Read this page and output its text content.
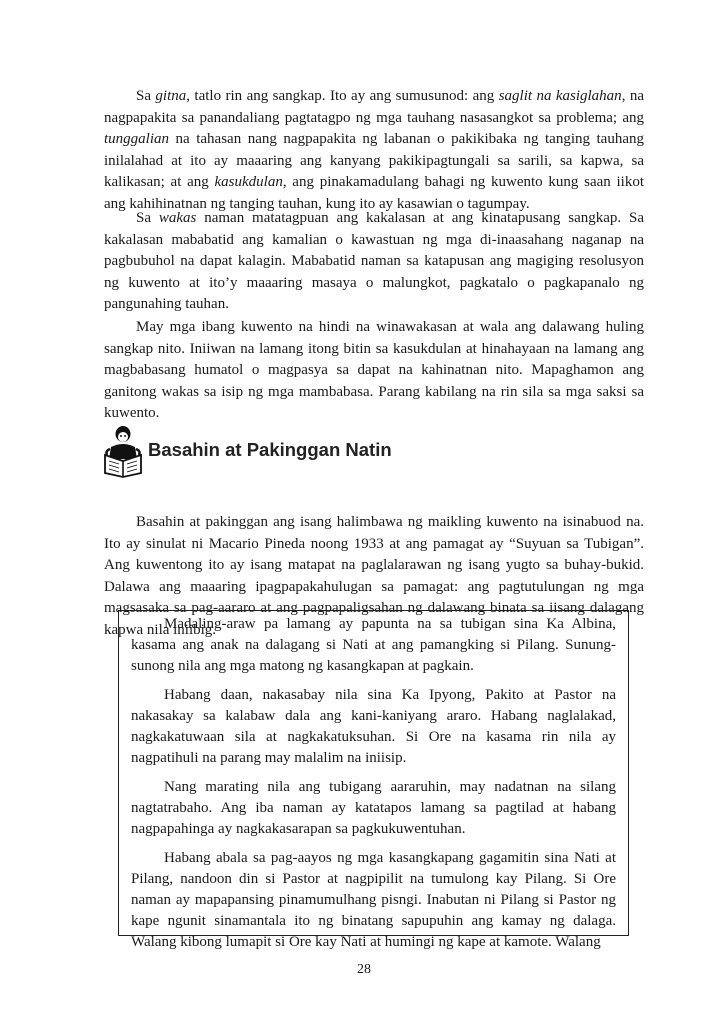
Sa gitna, tatlo rin ang sangkap. Ito ay ang sumusunod: ang saglit na kasiglahan, na nagpapakita sa panandaliang pagtatagpo ng mga tauhang nasasangkot sa problema; ang tunggalian na tahasan nang nagpapakita ng labanan o pakikibaka ng tanging tauhang inilalahad at ito ay maaaring ang kanyang pakikipagtungali sa sarili, sa kapwa, sa kalikasan; at ang kasukdulan, ang pinakamadulang bahagi ng kuwento kung saan iikot ang kahihinatnan ng tanging tauhan, kung ito ay kasawian o tagumpay.

Sa wakas naman matatagpuan ang kakalasan at ang kinatapusang sangkap. Sa kakalasan mababatid ang kamalian o kawastuan ng mga di-inaasahang naganap na pagbubuhol na dapat kalagin. Mababatid naman sa katapusan ang magiging resolusyon ng kuwento at ito’y maaaring masaya o malungkot, pagkatalo o pagkapanalo ng pangunahing tauhan.

May mga ibang kuwento na hindi na winawakasan at wala ang dalawang huling sangkap nito. Iniiwan na lamang itong bitin sa kasukdulan at hinahayaan na lamang ang magbabasang humatol o magpasya sa dapat na kahinatnan nito. Mapaghamon ang ganitong wakas sa isip ng mga mambabasa. Parang kabilang na rin sila sa mga saksi sa kuwento.

Basahin at Pakinggan Natin

Basahin at pakinggan ang isang halimbawa ng maikling kuwento na isinabuod na. Ito ay sinulat ni Macario Pineda noong 1933 at ang pamagat ay “Suyuan sa Tubigan”. Ang kuwentong ito ay isang matapat na paglalarawan ng isang yugto sa buhay-bukid. Dalawa ang maaaring ipagpapakahulugan sa pamagat: ang pagtutulungan ng mga magsasaka sa pag-aararo at ang pagpapaligsahan ng dalawang binata sa iisang dalagang kapwa nila iniibig.

Madaling-araw pa lamang ay papunta na sa tubigan sina Ka Albina, kasama ang anak na dalagang si Nati at ang pamangking si Pilang. Sunung-sunong nila ang mga matong ng kasangkapan at pagkain.

Habang daan, nakasabay nila sina Ka Ipyong, Pakito at Pastor na nakasakay sa kalabaw dala ang kani-kaniyang araro. Habang naglalakad, nagkakatuwaan sila at nagkakatuksuhan. Si Ore na kasama rin nila ay nagpatihuli na parang may malalim na iniisip.

Nang marating nila ang tubigang aararuhin, may nadatnan na silang nagtatrabaho. Ang iba naman ay katatapos lamang sa pagtilad at habang nagpapahinga ay nagkakasarapan sa pagkukuwentuhan.

Habang abala sa pag-aayos ng mga kasangkapang gagamitin sina Nati at Pilang, nandoon din si Pastor at nagpipilit na tumulong kay Pilang. Si Ore naman ay mapapansing pinamumulhang pisngi. Inabutan ni Pilang si Pastor ng kape ngunit sinamantala ito ng binatang sapupuhin ang kamay ng dalaga. Walang kibong lumapit si Ore kay Nati at humingi ng kape at kamote. Walang

28
